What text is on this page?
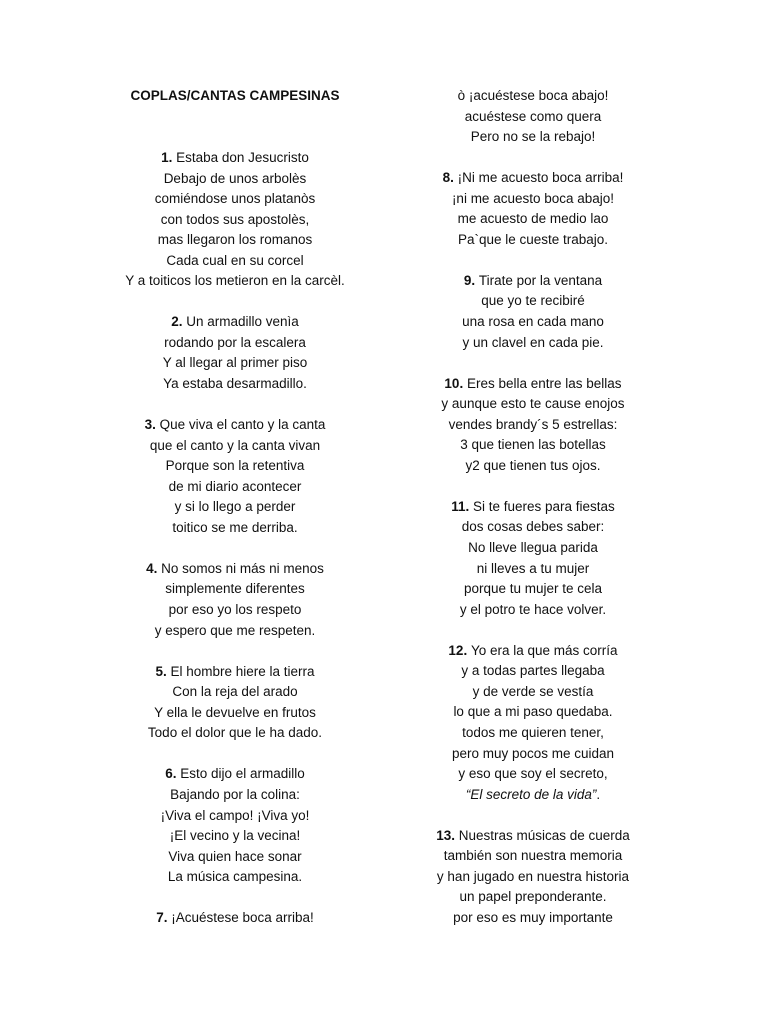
COPLAS/CANTAS CAMPESINAS
1. Estaba don Jesucristo
Debajo de unos arbolès
comiéndose unos platanòs
con todos sus apostolès,
mas llegaron los romanos
Cada cual en su corcel
Y a toiticos los metieron en la carcèl.
2. Un armadillo venìa
rodando por la escalera
Y al llegar al primer piso
Ya estaba desarmadillo.
3. Que viva el canto y la canta
que el canto y la canta vivan
Porque son la retentiva
de mi diario acontecer
y si lo llego a perder
toitico se me derriba.
4.No somos ni más ni menos
simplemente diferentes
por eso yo los respeto
y espero que me respeten.
5. El hombre hiere la tierra
Con la reja del arado
Y ella le devuelve en frutos
Todo el dolor que le ha dado.
6.Esto dijo el armadillo
Bajando por la colina:
¡Viva el campo! ¡Viva yo!
¡El vecino y la vecina!
Viva quien hace sonar
La música campesina.
7. ¡Acuéstese boca arriba!
ò ¡acuéstese boca abajo!
acuéstese como quera
Pero no se la rebajo!
8. ¡Ni me acuesto boca arriba!
¡ni me acuesto boca abajo!
me acuesto de medio lao
Pa`que le cueste trabajo.
9. Tirate por la ventana
que yo te recibiré
una rosa en cada mano
y un clavel en cada pie.
10. Eres bella entre las bellas
y aunque esto te cause enojos
vendes brandy´s 5 estrellas:
3 que tienen las botellas
y2 que tienen tus ojos.
11. Si te fueres para fiestas
dos cosas debes saber:
No lleve llegua parida
ni lleves a tu mujer
porque tu mujer te cela
y el potro te hace volver.
12. Yo era la que más corría
y a todas partes llegaba
y de verde se vestía
lo que a mi paso quedaba.
todos me quieren tener,
pero muy pocos me cuidan
y eso que soy el secreto,
“El secreto de la vida”.
13. Nuestras músicas de cuerda
también son nuestra memoria
y han jugado en nuestra historia
un papel preponderante.
por eso es muy importante
